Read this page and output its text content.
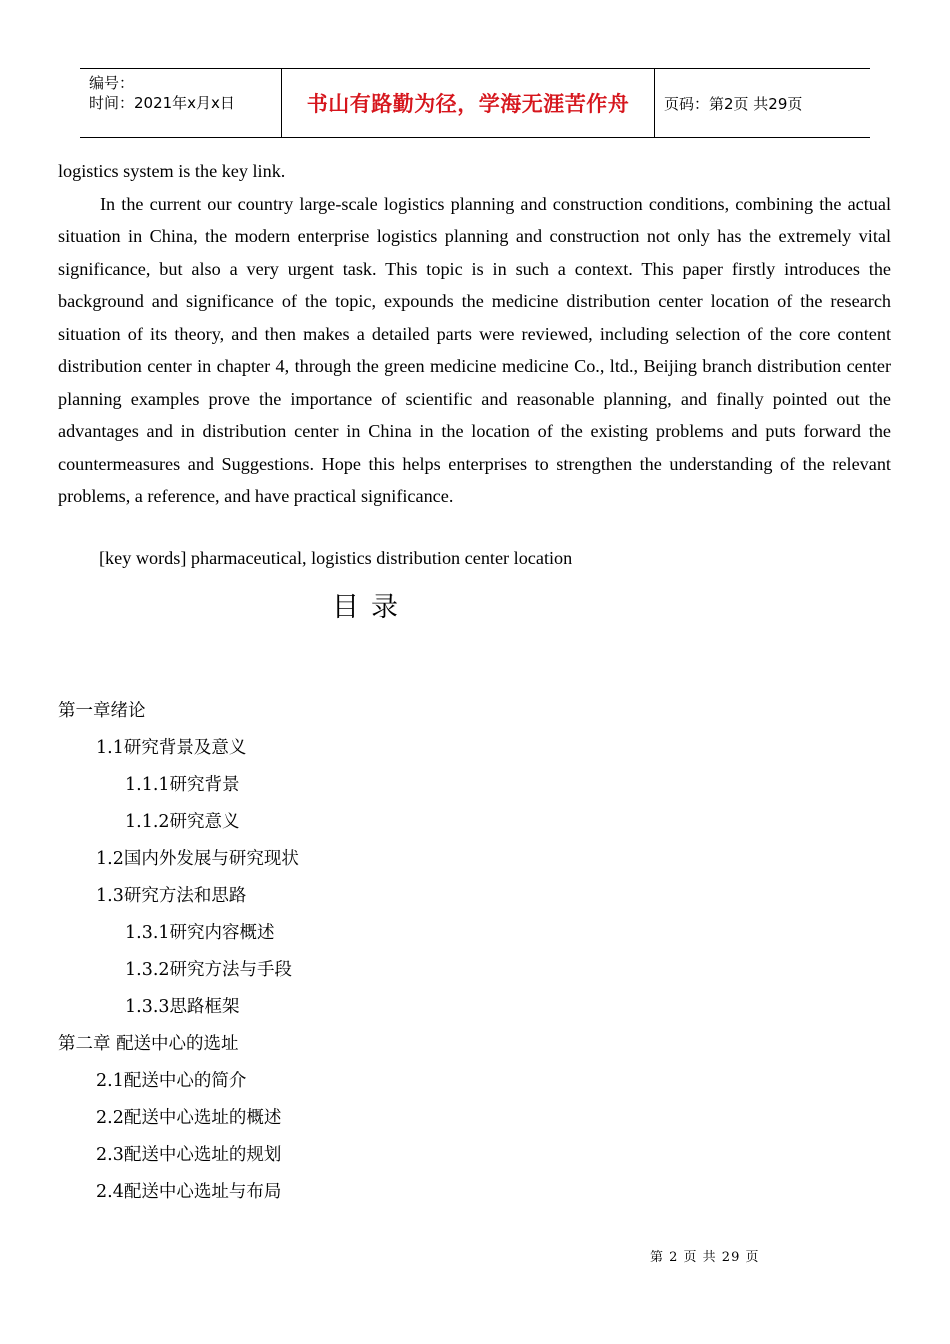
编号：
时间：2021年x月x日	书山有路勤为径，学海无涯苦作舟	页码：第2页 共29页

logistics system is the key link.

In the current our country large-scale logistics planning and construction conditions, combining the actual situation in China, the modern enterprise logistics planning and construction not only has the extremely vital significance, but also a very urgent task. This topic is in such a context. This paper firstly introduces the background and significance of the topic, expounds the medicine distribution center location of the research situation of its theory, and then makes a detailed parts were reviewed, including selection of the core content distribution center in chapter 4, through the green medicine medicine Co., ltd., Beijing branch distribution center planning examples prove the importance of scientific and reasonable planning, and finally pointed out the advantages and in distribution center in China in the location of the existing problems and puts forward the countermeasures and Suggestions. Hope this helps enterprises to strengthen the understanding of the relevant problems, a reference, and have practical significance.

[key words] pharmaceutical, logistics distribution center location
目录
第一章绪论
1.1研究背景及意义
1.1.1研究背景
1.1.2研究意义
1.2国内外发展与研究现状
1.3研究方法和思路
1.3.1研究内容概述
1.3.2研究方法与手段
1.3.3思路框架
第二章 配送中心的选址
2.1配送中心的简介
2.2配送中心选址的概述
2.3配送中心选址的规划
2.4配送中心选址与布局
第 2 页 共 29 页
